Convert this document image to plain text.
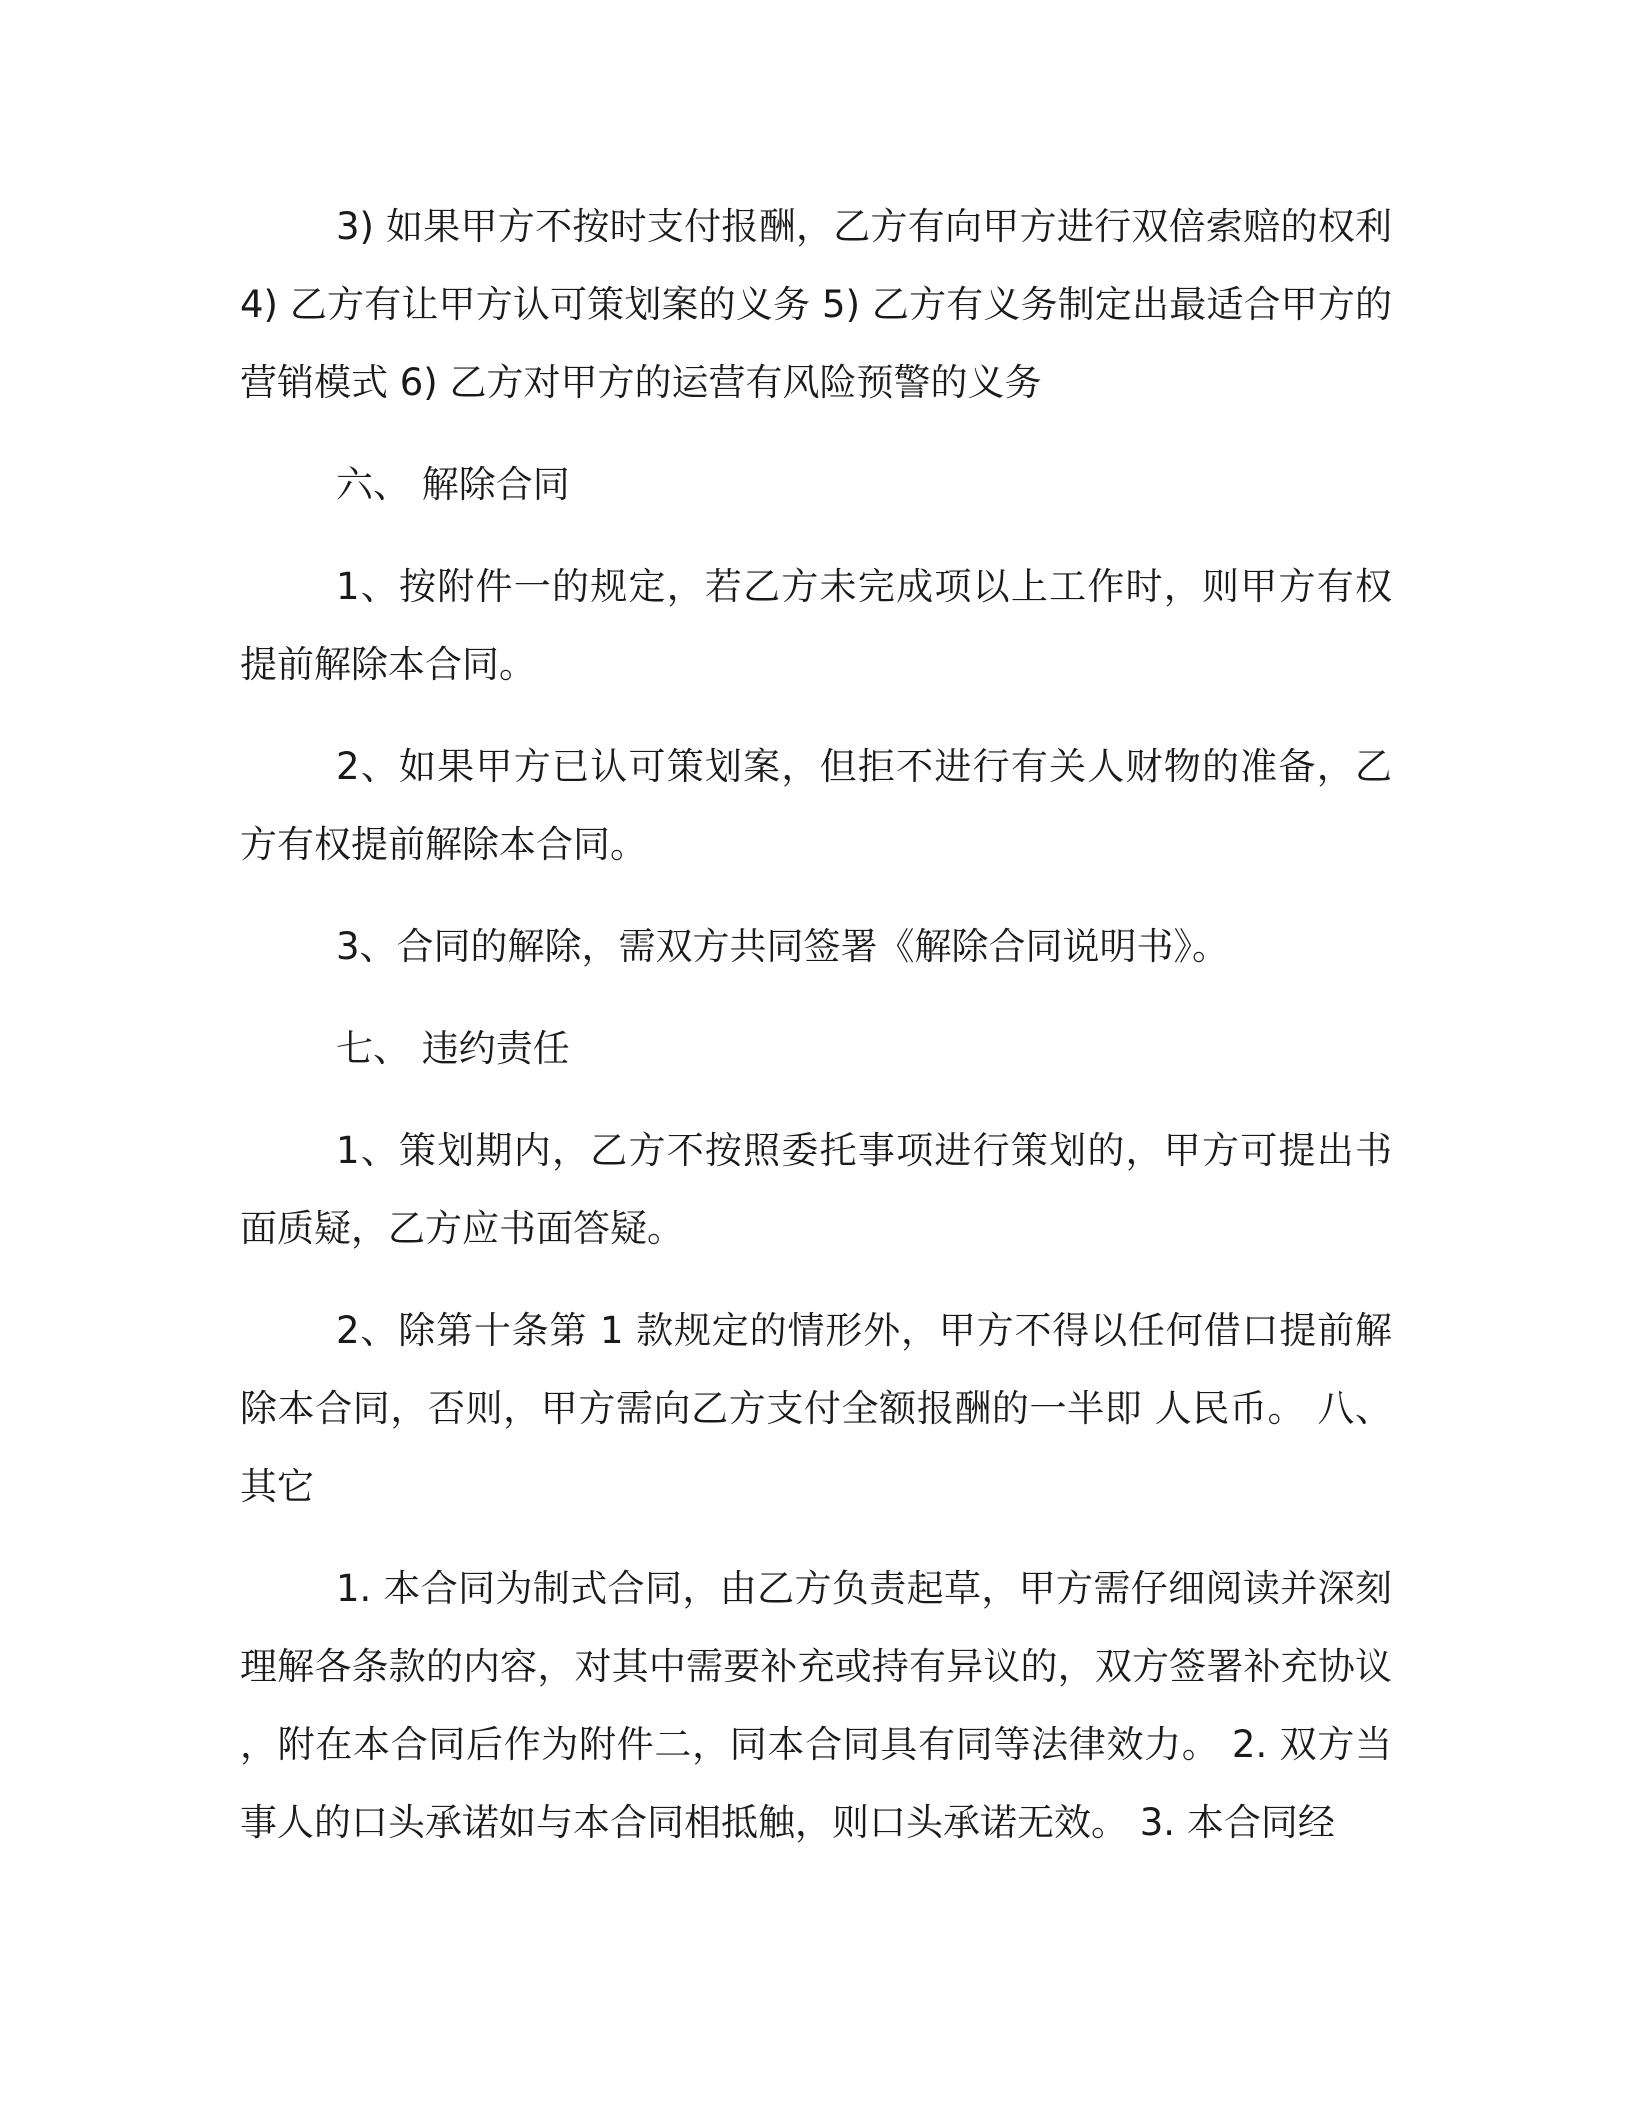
3) 如果甲方不按时支付报酬，乙方有向甲方进行双倍索赔的权利 4) 乙方有让甲方认可策划案的义务 5) 乙方有义务制定出最适合甲方的营销模式 6) 乙方对甲方的运营有风险预警的义务

六、 解除合同

1、按附件一的规定，若乙方未完成项以上工作时，则甲方有权提前解除本合同。

2、如果甲方已认可策划案，但拒不进行有关人财物的准备，乙方有权提前解除本合同。

3、合同的解除，需双方共同签署《解除合同说明书》。

七、 违约责任

1、策划期内，乙方不按照委托事项进行策划的，甲方可提出书面质疑，乙方应书面答疑。

2、除第十条第 1 款规定的情形外，甲方不得以任何借口提前解除本合同，否则，甲方需向乙方支付全额报酬的一半即 人民币。 八、其它

1. 本合同为制式合同，由乙方负责起草，甲方需仔细阅读并深刻理解各条款的内容，对其中需要补充或持有异议的，双方签署补充协议，附在本合同后作为附件二，同本合同具有同等法律效力。 2. 双方当事人的口头承诺如与本合同相抵触，则口头承诺无效。 3. 本合同经
